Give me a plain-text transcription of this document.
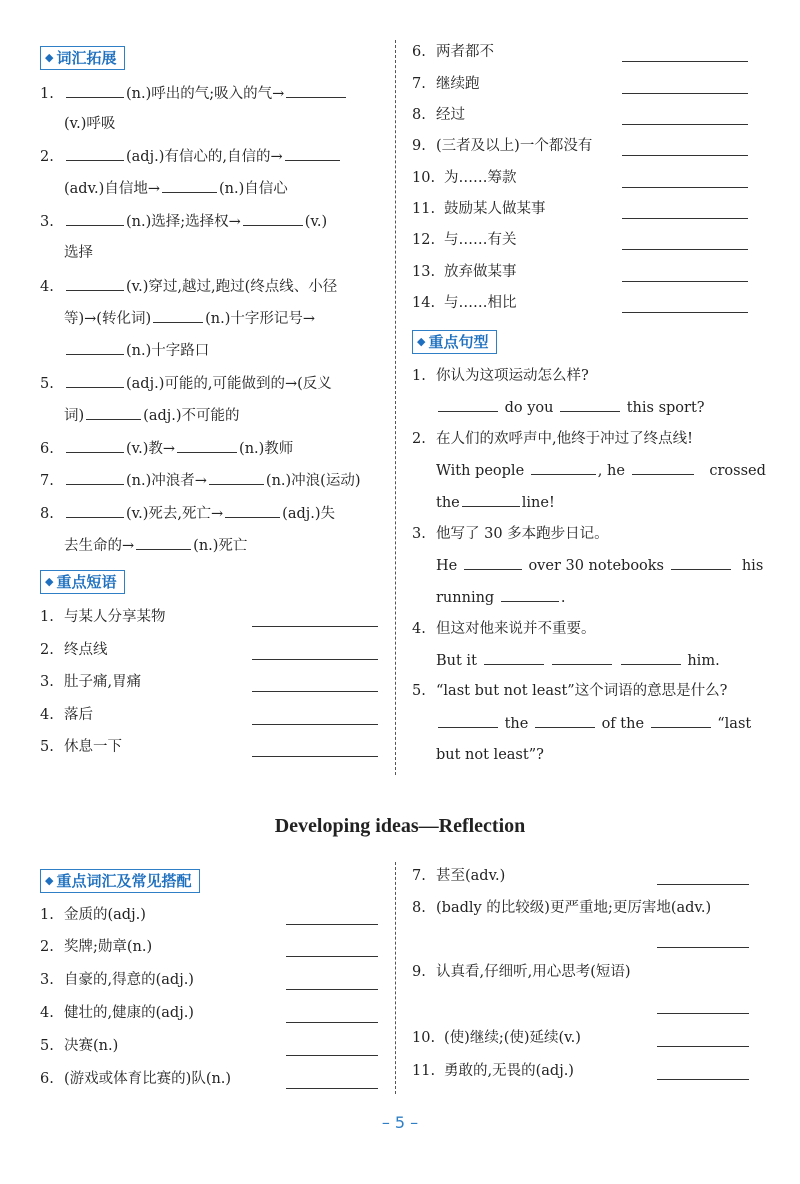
◆ 词汇拓展
1.	(n.)呼出的气;吸入的气→
(v.)呼吸
2.	(adj.)有信心的,自信的→
(adv.)自信地→	(n.)自信心
3.	(n.)选择;选择权→	(v.)
选择
4.	(v.)穿过,越过,跑过(终点线、小径
等)→(转化词)	(n.)十字形记号→
(n.)十字路口
5.	(adj.)可能的,可能做到的→(反义
词)	(adj.)不可能的
6.	(v.)教→	(n.)教师
7.	(n.)冲浪者→	(n.)冲浪(运动)
8.	(v.)死去,死亡→	(adj.)失
去生命的→	(n.)死亡
◆ 重点短语
1. 与某人分享某物
2. 终点线
3. 肚子痛,胃痛
4. 落后
5. 休息一下
6. 两者都不
7. 继续跑
8. 经过
9. (三者及以上)一个都没有
10. 为……筹款
11. 鼓励某人做某事
12. 与……有关
13. 放弃做某事
14. 与……相比
◆ 重点句型
1. 你认为这项运动怎么样?
do you	this sport?
2. 在人们的欢呼声中,他终于冲过了终点线!
With people	, he	crossed
the	line!
3. 他写了 30 多本跑步日记。
He	over 30 notebooks	his
running	.
4. 但这对他来说并不重要。
But it	him.
5. “last but not least”这个词语的意思是什么?
the	of the	“last
but not least”?
Developing ideas—Reflection
◆ 重点词汇及常见搭配
1. 金质的(adj.)
2. 奖牌;勋章(n.)
3. 自豪的,得意的(adj.)
4. 健壮的,健康的(adj.)
5. 决赛(n.)
6. (游戏或体育比赛的)队(n.)
7. 甚至(adv.)
8. (badly 的比较级)更严重地;更厉害地(adv.)
9. 认真看,仔细听,用心思考(短语)
10. (使)继续;(使)延续(v.)
11. 勇敢的,无畏的(adj.)
– 5 –
